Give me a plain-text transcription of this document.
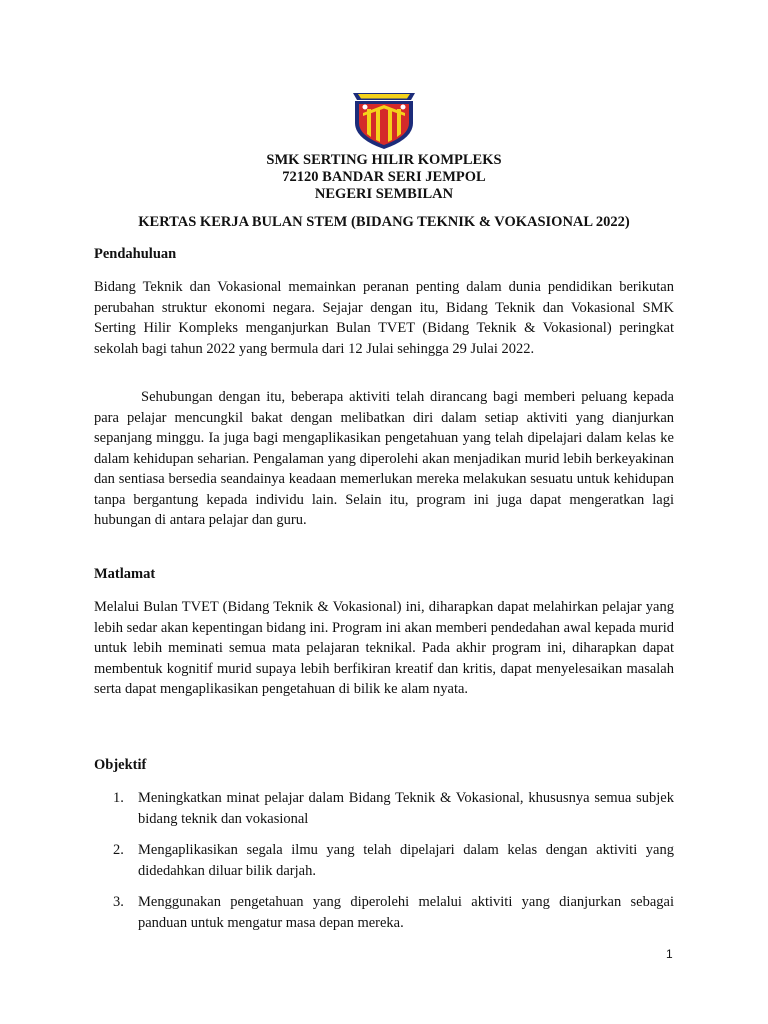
SMK SERTING HILIR KOMPLEKS
72120 BANDAR SERI JEMPOL
NEGERI SEMBILAN
KERTAS KERJA BULAN STEM (BIDANG TEKNIK & VOKASIONAL 2022)
Pendahuluan

Bidang Teknik dan Vokasional memainkan peranan penting dalam dunia pendidikan berikutan perubahan struktur ekonomi negara. Sejajar dengan itu, Bidang Teknik dan Vokasional SMK Serting Hilir Kompleks menganjurkan Bulan TVET (Bidang Teknik & Vokasional) peringkat sekolah bagi tahun 2022 yang bermula dari 12 Julai sehingga 29 Julai 2022.

Sehubungan dengan itu, beberapa aktiviti telah dirancang bagi memberi peluang kepada para pelajar mencungkil bakat dengan melibatkan diri dalam setiap aktiviti yang dianjurkan sepanjang minggu. Ia juga bagi mengaplikasikan pengetahuan yang telah dipelajari dalam kelas ke dalam kehidupan seharian. Pengalaman yang diperolehi akan menjadikan murid lebih berkeyakinan dan sentiasa bersedia seandainya keadaan memerlukan mereka melakukan sesuatu untuk kehidupan tanpa bergantung kepada individu lain. Selain itu, program ini juga dapat mengeratkan lagi hubungan di antara pelajar dan guru.

Matlamat

Melalui Bulan TVET (Bidang Teknik & Vokasional) ini, diharapkan dapat melahirkan pelajar yang lebih sedar akan kepentingan bidang ini. Program ini akan memberi pendedahan awal kepada murid untuk lebih meminati semua mata pelajaran teknikal. Pada akhir program ini, diharapkan dapat membentuk kognitif murid supaya lebih berfikiran kreatif dan kritis, dapat menyelesaikan masalah serta dapat mengaplikasikan pengetahuan di bilik ke alam nyata.

Objektif
1. Meningkatkan minat pelajar dalam Bidang Teknik & Vokasional, khususnya semua subjek bidang teknik dan vokasional
2. Mengaplikasikan segala ilmu yang telah dipelajari dalam kelas dengan aktiviti yang didedahkan diluar bilik darjah.
3. Menggunakan pengetahuan yang diperolehi melalui aktiviti yang dianjurkan sebagai panduan untuk mengatur masa depan mereka.
1
